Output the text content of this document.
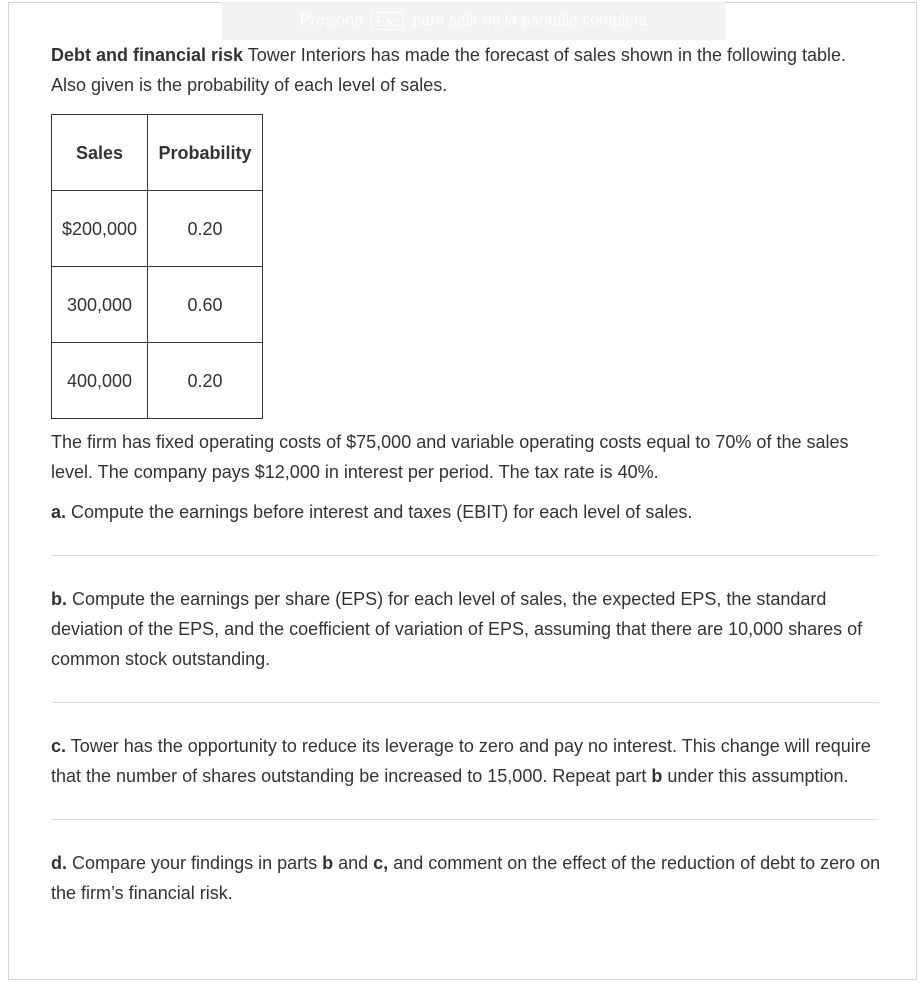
Presiona Esc para salir de la pantalla completa

Debt and financial risk Tower Interiors has made the forecast of sales shown in the following table. Also given is the probability of each level of sales.

Sales	Probability
$200,000	0.20
300,000	0.60
400,000	0.20

The firm has fixed operating costs of $75,000 and variable operating costs equal to 70% of the sales level. The company pays $12,000 in interest per period. The tax rate is 40%.

a. Compute the earnings before interest and taxes (EBIT) for each level of sales.

b. Compute the earnings per share (EPS) for each level of sales, the expected EPS, the standard deviation of the EPS, and the coefficient of variation of EPS, assuming that there are 10,000 shares of common stock outstanding.

c. Tower has the opportunity to reduce its leverage to zero and pay no interest. This change will require that the number of shares outstanding be increased to 15,000. Repeat part b under this assumption.

d. Compare your findings in parts b and c, and comment on the effect of the reduction of debt to zero on the firm’s financial risk.
